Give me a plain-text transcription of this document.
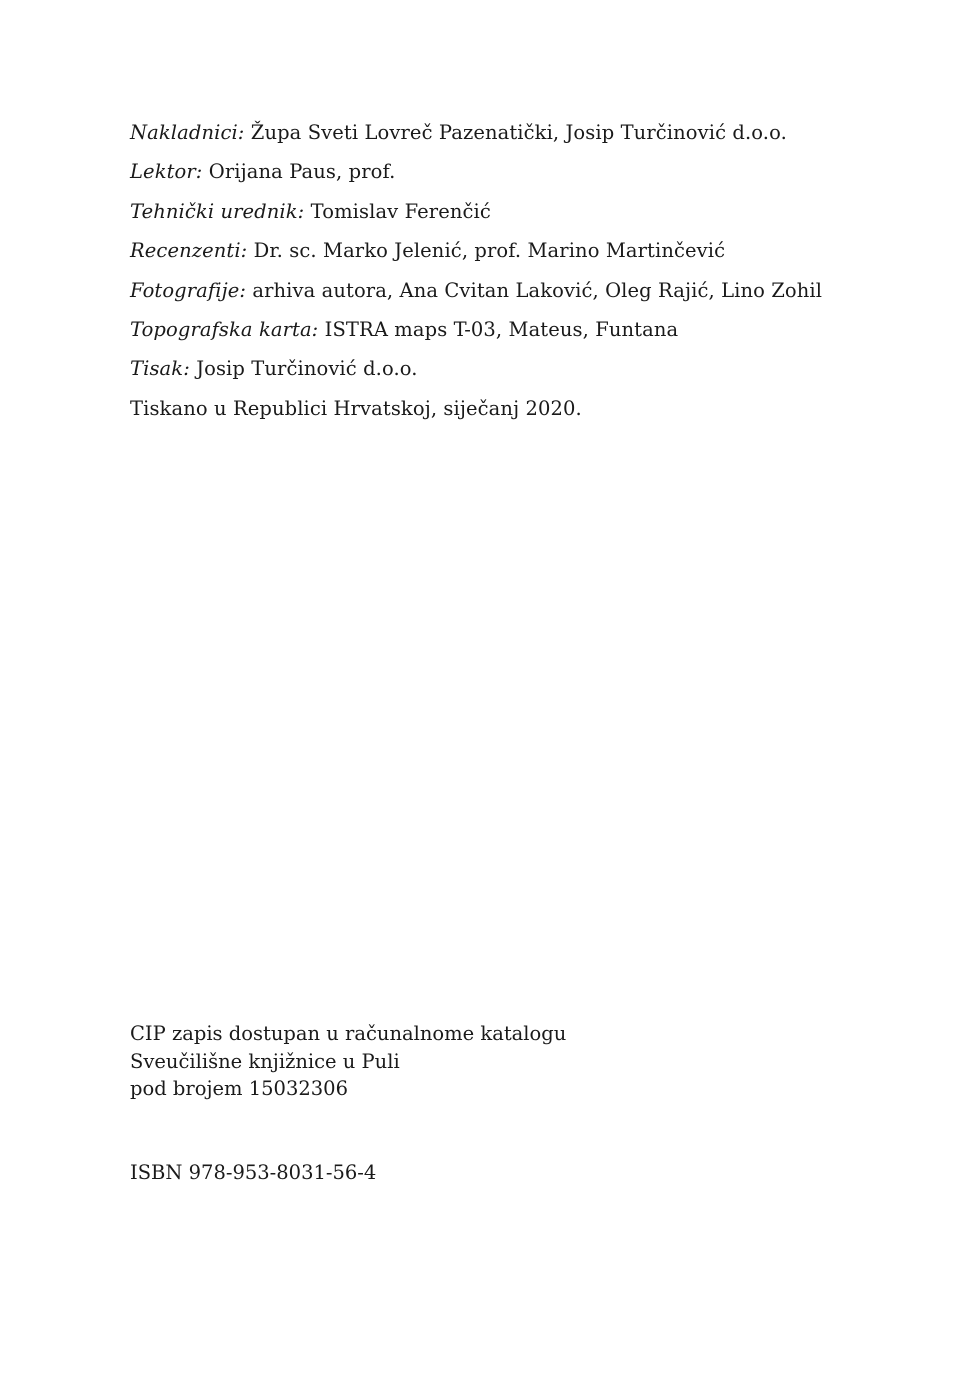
Nakladnici: Župa Sveti Lovreč Pazenatički, Josip Turčinović d.o.o.
Lektor: Orijana Paus, prof.
Tehnički urednik: Tomislav Ferenčić
Recenzenti: Dr. sc. Marko Jelenić, prof. Marino Martinčević
Fotografije: arhiva autora, Ana Cvitan Laković, Oleg Rajić, Lino Zohil
Topografska karta: ISTRA maps T-03, Mateus, Funtana
Tisak: Josip Turčinović d.o.o.
Tiskano u Republici Hrvatskoj, siječanj 2020.
CIP zapis dostupan u računalnome katalogu
Sveučilišne knjižnice u Puli
pod brojem 15032306
ISBN 978-953-8031-56-4
